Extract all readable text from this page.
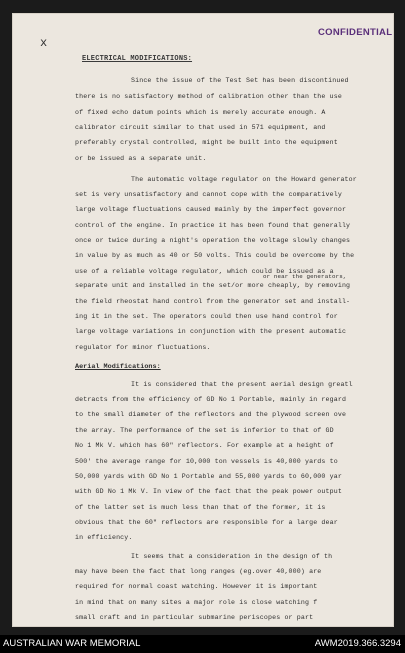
CONFIDENTIAL
x
ELECTRICAL MODIFICATIONS:
Since the issue of the Test Set has been discontinued
there is no satisfactory method of calibration other than the use
of fixed echo datum points which is merely accurate enough. A
calibrator circuit similar to that used in 571 equipment, and
preferably crystal controlled, might be built into the equipment
or be issued as a separate unit.
The automatic voltage regulator on the Howard generator
set is very unsatisfactory and cannot cope with the comparatively
large voltage fluctuations caused mainly by the imperfect governor
control of the engine. In practice it has been found that generally
once or twice during a night's operation the voltage slowly changes
in value by as much as 40 or 50 volts. This could be overcome by the
use of a reliable voltage regulator, which could be issued as a
or near the generators,
separate unit and installed in the set/or more cheaply, by removing
the field rheostat hand control from the generator set and install-
ing it in the set. The operators could then use hand control for
large voltage variations in conjunction with the present automatic
regulator for minor fluctuations.
Aerial Modifications:
It is considered that the present aerial design greatl
detracts from the efficiency of GD No 1 Portable, mainly in regard
to the small diameter of the reflectors and the plywood screen ove
the array. The performance of the set is inferior to that of GD
No 1 Mk V. which has 60" reflectors. For example at a height of
500' the average range for 10,000 ton vessels is 40,000 yards to
50,000 yards with GD No 1 Portable and 55,000 yards to 60,000 yar
with GD No 1 Mk V. In view of the fact that the peak power output
of the latter set is much less than that of the former, it is
obvious that the 60" reflectors are responsible for a large dear
in efficiency.
It seems that a consideration in the design of th
may have been the fact that long ranges (eg.over 40,000) are
required for normal coast watching. However it is important
in mind that on many sites a major role is close watching f
small craft and in particular submarine periscopes or part
AUSTRALIAN WAR MEMORIAL	AWM2019.366.3294
